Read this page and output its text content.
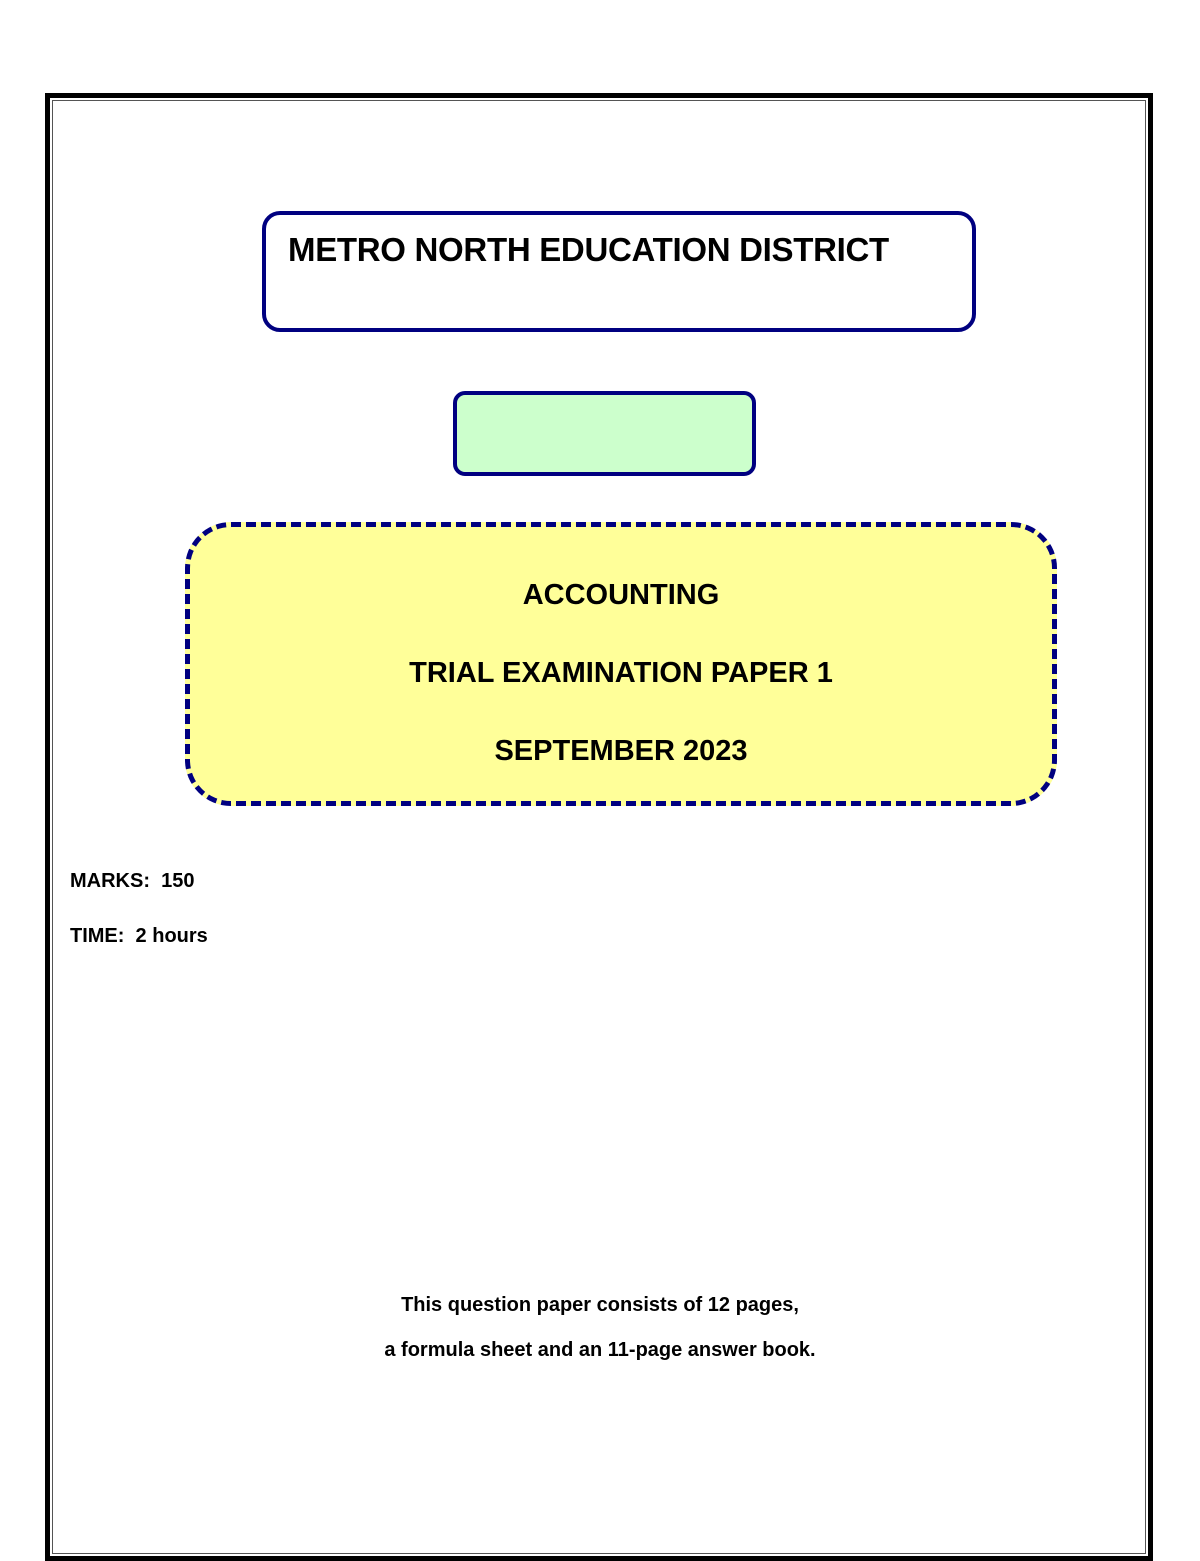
METRO NORTH EDUCATION DISTRICT
ACCOUNTING
TRIAL EXAMINATION PAPER 1
SEPTEMBER 2023
MARKS:  150
TIME:  2 hours
This question paper consists of 12 pages,
a formula sheet and an 11-page answer book.
